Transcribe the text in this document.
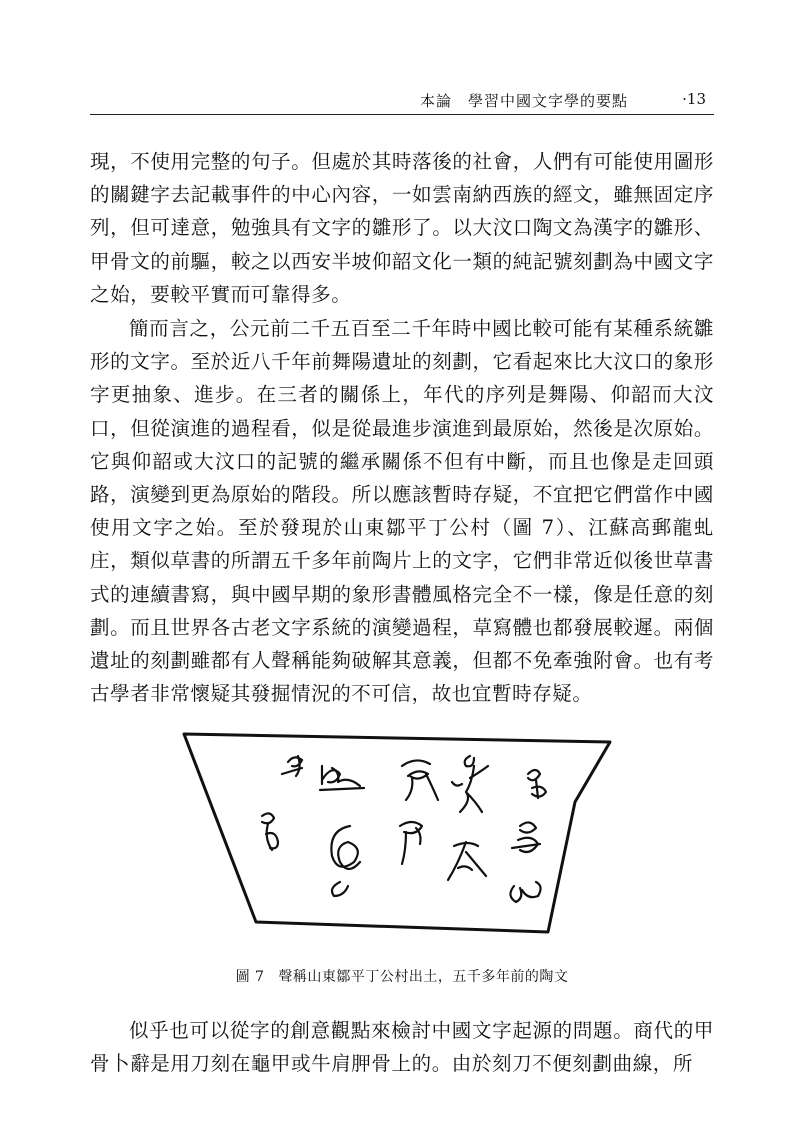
本論　學習中國文字學的要點	·13

現，不使用完整的句子。但處於其時落後的社會，人們有可能使用圖形的關鍵字去記載事件的中心內容，一如雲南納西族的經文，雖無固定序列，但可達意，勉強具有文字的雛形了。以大汶口陶文為漢字的雛形、甲骨文的前驅，較之以西安半坡仰韶文化一類的純記號刻劃為中國文字之始，要較平實而可靠得多。

簡而言之，公元前二千五百至二千年時中國比較可能有某種系統雛形的文字。至於近八千年前舞陽遺址的刻劃，它看起來比大汶口的象形字更抽象、進步。在三者的關係上，年代的序列是舞陽、仰韶而大汶口，但從演進的過程看，似是從最進步演進到最原始，然後是次原始。它與仰韶或大汶口的記號的繼承關係不但有中斷，而且也像是走回頭路，演變到更為原始的階段。所以應該暫時存疑，不宜把它們當作中國使用文字之始。至於發現於山東鄒平丁公村（圖 7）、江蘇高郵龍虬庄，類似草書的所謂五千多年前陶片上的文字，它們非常近似後世草書式的連續書寫，與中國早期的象形書體風格完全不一樣，像是任意的刻劃。而且世界各古老文字系統的演變過程，草寫體也都發展較遲。兩個遺址的刻劃雖都有人聲稱能夠破解其意義，但都不免牽強附會。也有考古學者非常懷疑其發掘情況的不可信，故也宜暫時存疑。

圖 7 聲稱山東鄒平丁公村出土，五千多年前的陶文

似乎也可以從字的創意觀點來檢討中國文字起源的問題。商代的甲骨卜辭是用刀刻在龜甲或牛肩胛骨上的。由於刻刀不便刻劃曲線，所
